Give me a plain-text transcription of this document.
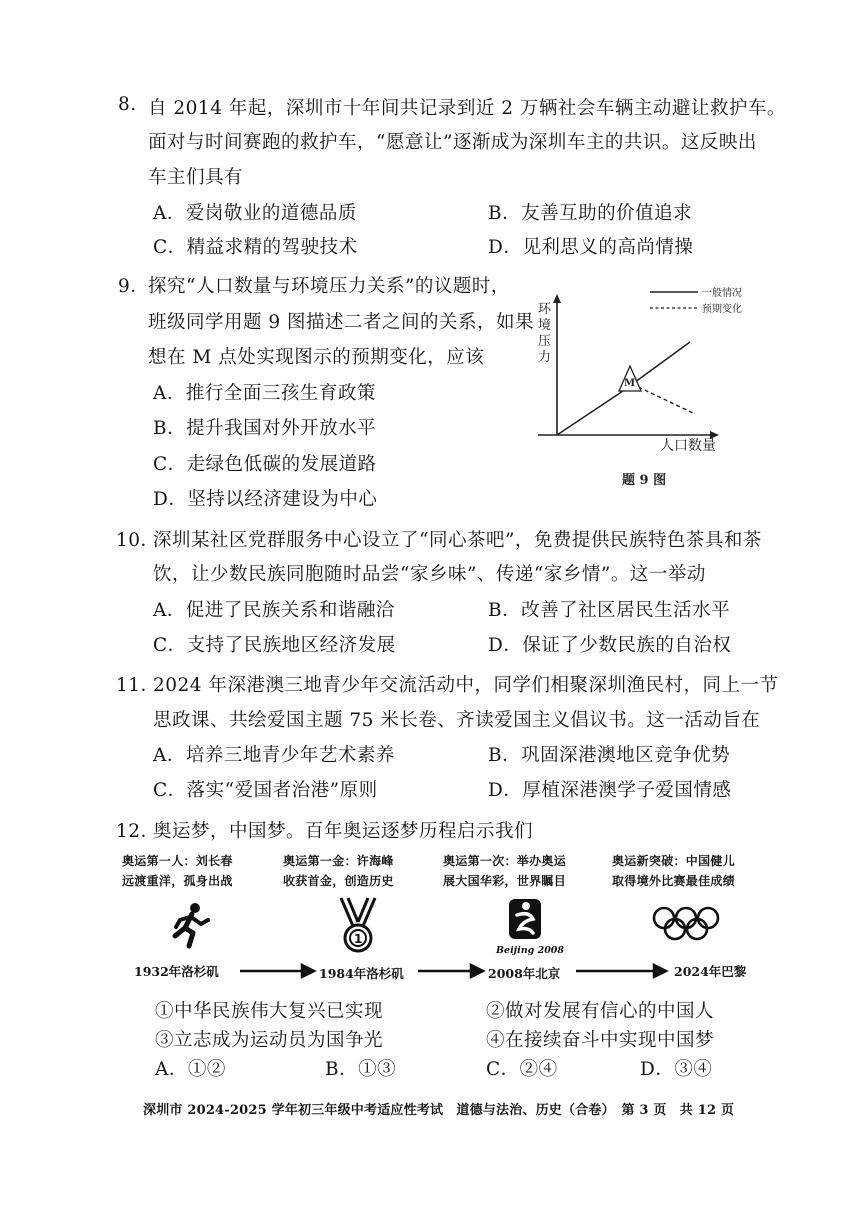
8. 自 2014 年起，深圳市十年间共记录到近 2 万辆社会车辆主动避让救护车。
面对与时间赛跑的救护车，“愿意让”逐渐成为深圳车主的共识。这反映出
车主们具有
A．爱岗敬业的道德品质	B．友善互助的价值追求
C．精益求精的驾驶技术	D．见利思义的高尚情操
9．
探究“人口数量与环境压力关系”的议题时，
班级同学用题 9 图描述二者之间的关系，如果
想在 M 点处实现图示的预期变化，应该
A．推行全面三孩生育政策
B．提升我国对外开放水平
C．走绿色低碳的发展道路
D．坚持以经济建设为中心
一般情况
预期变化
环
境
压
力
人口数量
M
题 9 图
10．
深圳某社区党群服务中心设立了“同心茶吧”，免费提供民族特色茶具和茶
饮，让少数民族同胞随时品尝“家乡味”、传递“家乡情”。这一举动
A．促进了民族关系和谐融洽	B．改善了社区居民生活水平
C．支持了民族地区经济发展	D．保证了少数民族的自治权
11．
2024 年深港澳三地青少年交流活动中，同学们相聚深圳渔民村，同上一节
思政课、共绘爱国主题 75 米长卷、齐读爱国主义倡议书。这一活动旨在
A．培养三地青少年艺术素养	B．巩固深港澳地区竞争优势
C．落实“爱国者治港”原则	D．厚植深港澳学子爱国情感
12．
奥运梦，中国梦。百年奥运逐梦历程启示我们
奥运第一人：刘长春
远渡重洋，孤身出战
奥运第一金：许海峰
收获首金，创造历史
奥运第一次：举办奥运
展大国华彩，世界瞩目
奥运新突破：中国健儿
取得境外比赛最佳成绩
1
Beijing 2008
1932年洛杉矶	1984年洛杉矶	2008年北京	2024年巴黎
①中华民族伟大复兴已实现	②做对发展有信心的中国人
③立志成为运动员为国争光	④在接续奋斗中实现中国梦
A．①②	B．①③	C．②④	D．③④
深圳市 2024-2025 学年初三年级中考适应性考试　道德与法治、历史（合卷）　第 3 页　共 12 页
